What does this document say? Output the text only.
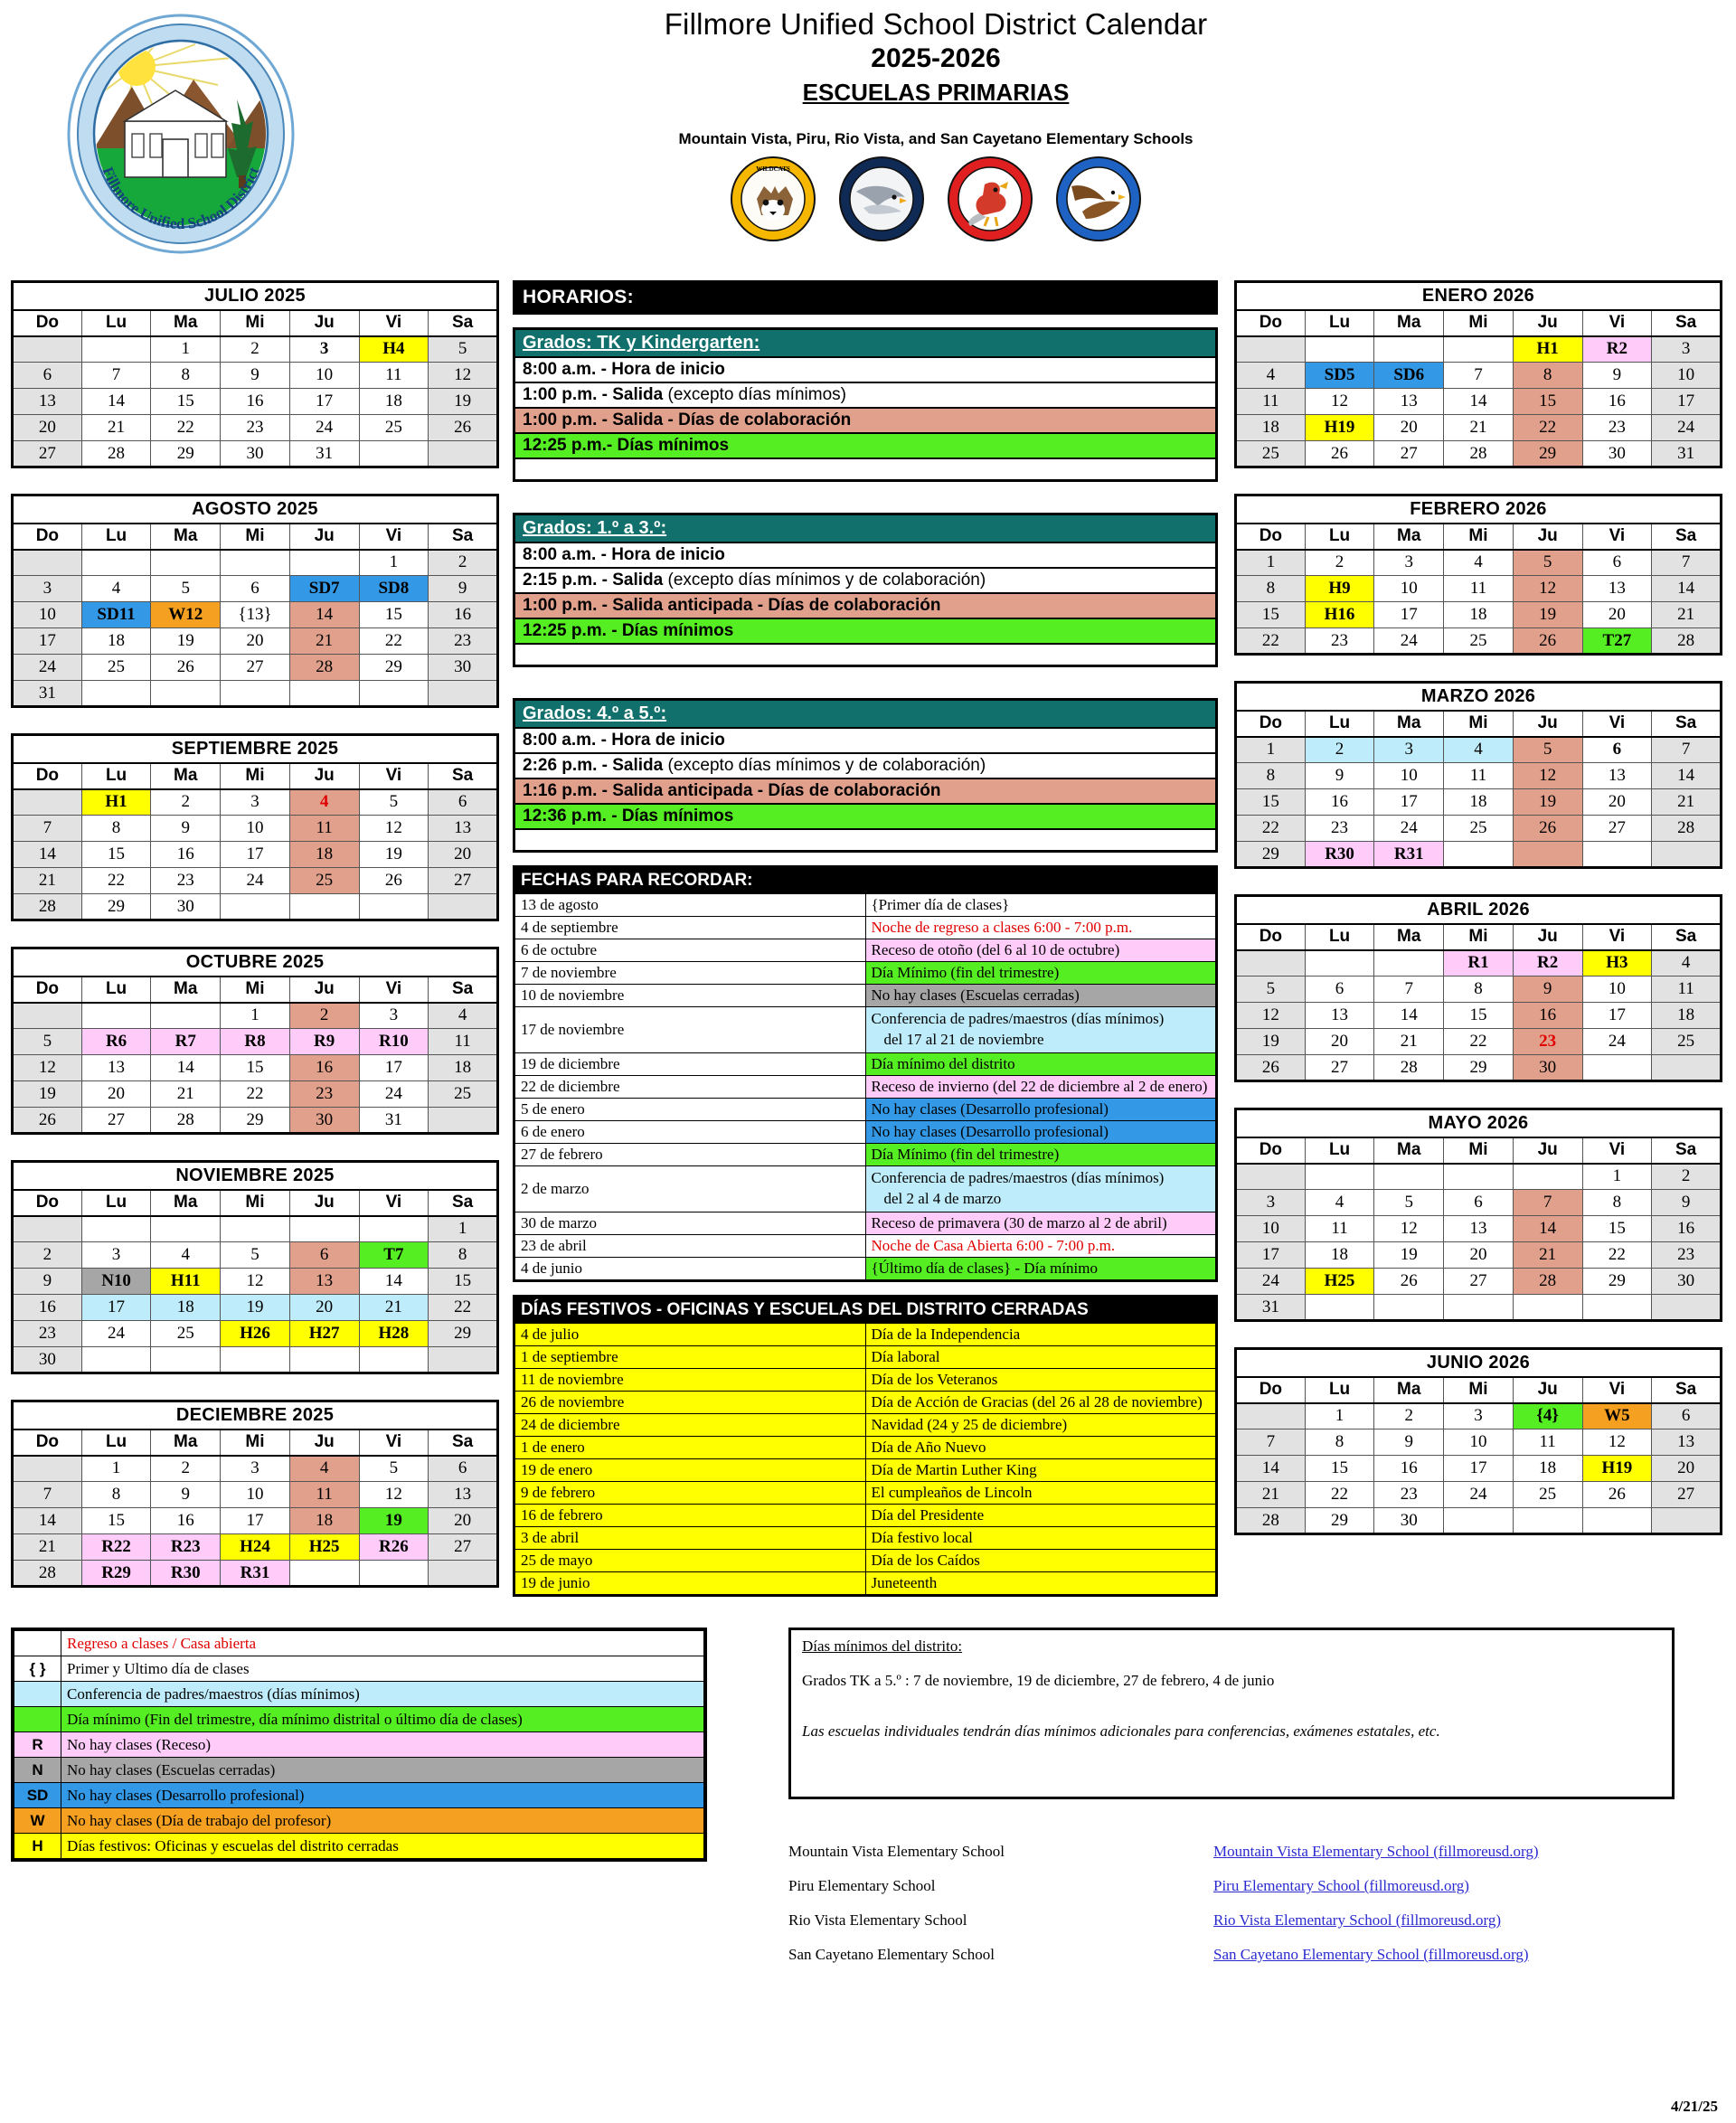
Fillmore Unified School District
Fillmore Unified School District Calendar
2025-2026
ESCUELAS PRIMARIAS
Mountain Vista, Piru, Rio Vista, and San Cayetano Elementary Schools
WILDCATS
JULIO 2025						
Do	Lu	Ma	Mi	Ju	Vi	Sa
		1	2	3	H4	5
6	7	8	9	10	11	12
13	14	15	16	17	18	19
20	21	22	23	24	25	26
27	28	29	30	31		
AGOSTO 2025						
Do	Lu	Ma	Mi	Ju	Vi	Sa
					1	2
3	4	5	6	SD7	SD8	9
10	SD11	W12	{13}	14	15	16
17	18	19	20	21	22	23
24	25	26	27	28	29	30
31						
SEPTIEMBRE 2025						
Do	Lu	Ma	Mi	Ju	Vi	Sa
	H1	2	3	4	5	6
7	8	9	10	11	12	13
14	15	16	17	18	19	20
21	22	23	24	25	26	27
28	29	30				
OCTUBRE 2025						
Do	Lu	Ma	Mi	Ju	Vi	Sa
			1	2	3	4
5	R6	R7	R8	R9	R10	11
12	13	14	15	16	17	18
19	20	21	22	23	24	25
26	27	28	29	30	31	
NOVIEMBRE 2025						
Do	Lu	Ma	Mi	Ju	Vi	Sa
						1
2	3	4	5	6	T7	8
9	N10	H11	12	13	14	15
16	17	18	19	20	21	22
23	24	25	H26	H27	H28	29
30						
DECIEMBRE 2025						
Do	Lu	Ma	Mi	Ju	Vi	Sa
	1	2	3	4	5	6
7	8	9	10	11	12	13
14	15	16	17	18	19	20
21	R22	R23	H24	H25	R26	27
28	R29	R30	R31			
HORARIOS:
Grados: TK y Kindergarten:
8:00 a.m. - Hora de inicio
1:00 p.m. - Salida (excepto días mínimos)
1:00 p.m. - Salida - Días de colaboración
12:25 p.m.- Días mínimos
Grados: 1.º a 3.º:
8:00 a.m. - Hora de inicio
2:15 p.m. - Salida (excepto días mínimos y de colaboración)
1:00 p.m. - Salida anticipada - Días de colaboración
12:25 p.m. - Días mínimos
Grados: 4.º a 5.º:
8:00 a.m. - Hora de inicio
2:26 p.m. - Salida (excepto días mínimos y de colaboración)
1:16 p.m. - Salida anticipada - Días de colaboración
12:36 p.m. - Días mínimos
FECHAS PARA RECORDAR:	
13 de agosto	{Primer día de clases}
4 de septiembre	Noche de regreso a clases 6:00 - 7:00 p.m.
6 de octubre	Receso de otoño (del 6 al 10 de octubre)
7 de noviembre	Día Mínimo (fin del trimestre)
10 de noviembre	No hay clases (Escuelas cerradas)
17 de noviembre	Conferencia de padres/maestros (días mínimos)
del 17 al 21 de noviembre

19 de diciembre	Día mínimo del distrito
22 de diciembre	Receso de invierno (del 22 de diciembre al 2 de enero)
5 de enero	No hay clases (Desarrollo profesional)
6 de enero	No hay clases (Desarrollo profesional)
27 de febrero	Día Mínimo (fin del trimestre)
2 de marzo	Conferencia de padres/maestros (días mínimos)
del 2 al 4 de marzo

30 de marzo	Receso de primavera (30 de marzo al 2 de abril)
23 de abril	Noche de Casa Abierta 6:00 - 7:00 p.m.
4 de junio	{Último día de clases} - Día mínimo
DÍAS FESTIVOS - OFICINAS Y ESCUELAS DEL DISTRITO CERRADAS	
4 de julio	Día de la Independencia
1 de septiembre	Día laboral
11 de noviembre	Día de los Veteranos
26 de noviembre	Día de Acción de Gracias (del 26 al 28 de noviembre)
24 de diciembre	Navidad (24 y 25 de diciembre)
1 de enero	Día de Año Nuevo
19 de enero	Día de Martin Luther King
9 de febrero	El cumpleaños de Lincoln
16 de febrero	Día del Presidente
3 de abril	Día festivo local
25 de mayo	Día de los Caídos
19 de junio	Juneteenth
ENERO 2026						
Do	Lu	Ma	Mi	Ju	Vi	Sa
				H1	R2	3
4	SD5	SD6	7	8	9	10
11	12	13	14	15	16	17
18	H19	20	21	22	23	24
25	26	27	28	29	30	31
FEBRERO 2026						
Do	Lu	Ma	Mi	Ju	Vi	Sa
1	2	3	4	5	6	7
8	H9	10	11	12	13	14
15	H16	17	18	19	20	21
22	23	24	25	26	T27	28
MARZO 2026						
Do	Lu	Ma	Mi	Ju	Vi	Sa
1	2	3	4	5	6	7
8	9	10	11	12	13	14
15	16	17	18	19	20	21
22	23	24	25	26	27	28
29	R30	R31				
ABRIL 2026						
Do	Lu	Ma	Mi	Ju	Vi	Sa
			R1	R2	H3	4
5	6	7	8	9	10	11
12	13	14	15	16	17	18
19	20	21	22	23	24	25
26	27	28	29	30		
MAYO 2026						
Do	Lu	Ma	Mi	Ju	Vi	Sa
					1	2
3	4	5	6	7	8	9
10	11	12	13	14	15	16
17	18	19	20	21	22	23
24	H25	26	27	28	29	30
31						
JUNIO 2026						
Do	Lu	Ma	Mi	Ju	Vi	Sa
	1	2	3	{4}	W5	6
7	8	9	10	11	12	13
14	15	16	17	18	H19	20
21	22	23	24	25	26	27
28	29	30				
	Regreso a clases / Casa abierta
{ }	Primer y Ultimo día de clases
	Conferencia de padres/maestros (días mínimos)
	Día mínimo (Fin del trimestre, día mínimo distrital o último día de clases)
R	No hay clases (Receso)
N	No hay clases (Escuelas cerradas)
SD	No hay clases (Desarrollo profesional)
W	No hay clases (Día de trabajo del profesor)
H	Días festivos: Oficinas y escuelas del distrito cerradas
Días mínimos del distrito:
Grados TK a 5.º : 7 de noviembre, 19 de diciembre, 27 de febrero, 4 de junio
Las escuelas individuales tendrán días mínimos adicionales para conferencias, exámenes estatales, etc.
Mountain Vista Elementary School
Piru Elementary School
Rio Vista Elementary School
San Cayetano Elementary School
Mountain Vista Elementary School (fillmoreusd.org)
Piru Elementary School (fillmoreusd.org)
Rio Vista Elementary School (fillmoreusd.org)
San Cayetano Elementary School (fillmoreusd.org)
4/21/25
